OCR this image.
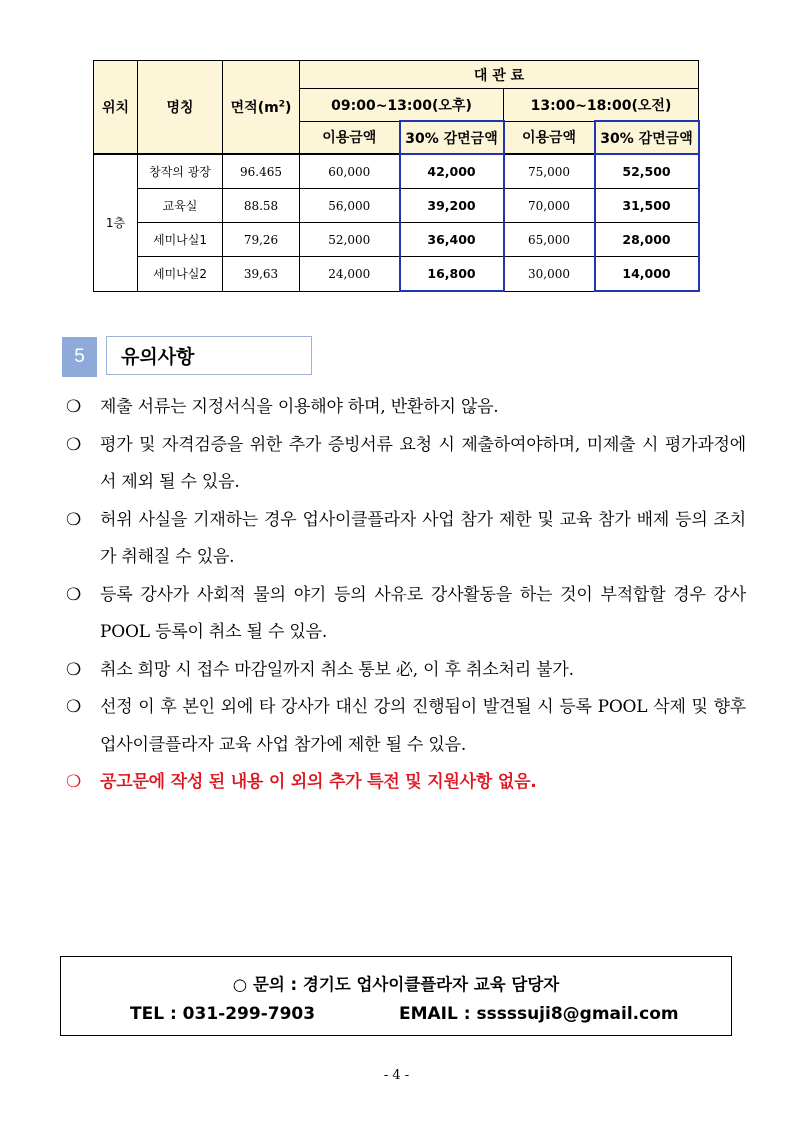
위치	명칭	면적$(m^2)$	대 관 료			
			09:00~13:00(오후)		13:00~18:00(오전)	
			이용금액	30% 감면금액	이용금액	30% 감면금액
1층	창작의 광장	96.465	60,000	42,000	75,000	52,500
	교육실	88.58	56,000	39,200	70,000	31,500
	세미나실1	79,26	52,000	36,400	65,000	28,000
	세미나실2	39,63	24,000	16,800	30,000	14,000
5	유의사항
❍ 제출 서류는 지정서식을 이용해야 하며, 반환하지 않음.
❍ 평가 및 자격검증을 위한 추가 증빙서류 요청 시 제출하여야하며, 미제출 시 평가과정에서 제외 될 수 있음.
❍ 허위 사실을 기재하는 경우 업사이클플라자 사업 참가 제한 및 교육 참가 배제 등의 조치가 취해질 수 있음.
❍ 등록 강사가 사회적 물의 야기 등의 사유로 강사활동을 하는 것이 부적합할 경우 강사 POOL 등록이 취소 될 수 있음.
❍ 취소 희망 시 접수 마감일까지 취소 통보 必, 이 후 취소처리 불가.
❍ 선정 이 후 본인 외에 타 강사가 대신 강의 진행됨이 발견될 시 등록 POOL 삭제 및 향후 업사이클플라자 교육 사업 참가에 제한 될 수 있음.
❍ 공고문에 작성 된 내용 이 외의 추가 특전 및 지원사항 없음.
○ 문의 : 경기도 업사이클플라자 교육 담당자
TEL : 031-299-7903	EMAIL : sssssuji8@gmail.com
- 4 -
